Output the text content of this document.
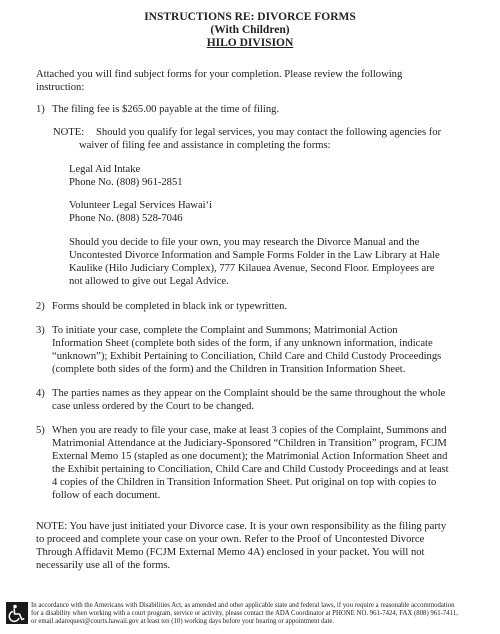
INSTRUCTIONS RE: DIVORCE FORMS
(With Children)
HILO DIVISION
Attached you will find subject forms for your completion. Please review the following
instruction:
1) The filing fee is $265.00 payable at the time of filing.
NOTE: Should you qualify for legal services, you may contact the following agencies for
waiver of filing fee and assistance in completing the forms:
Legal Aid Intake
Phone No. (808) 961-2851
Volunteer Legal Services Hawai‘i
Phone No. (808) 528-7046
Should you decide to file your own, you may research the Divorce Manual and the
Uncontested Divorce Information and Sample Forms Folder in the Law Library at Hale
Kaulike (Hilo Judiciary Complex), 777 Kilauea Avenue, Second Floor. Employees are
not allowed to give out Legal Advice.
2) Forms should be completed in black ink or typewritten.
3) To initiate your case, complete the Complaint and Summons; Matrimonial Action
Information Sheet (complete both sides of the form, if any unknown information, indicate
“unknown”); Exhibit Pertaining to Conciliation, Child Care and Child Custody Proceedings
(complete both sides of the form) and the Children in Transition Information Sheet.
4) The parties names as they appear on the Complaint should be the same throughout the whole
case unless ordered by the Court to be changed.
5) When you are ready to file your case, make at least 3 copies of the Complaint, Summons and
Matrimonial Attendance at the Judiciary-Sponsored “Children in Transition” program, FCJM
External Memo 15 (stapled as one document); the Matrimonial Action Information Sheet and
the Exhibit pertaining to Conciliation, Child Care and Child Custody Proceedings and at least
4 copies of the Children in Transition Information Sheet. Put original on top with copies to
follow of each document.
NOTE: You have just initiated your Divorce case. It is your own responsibility as the filing party
to proceed and complete your case on your own. Refer to the Proof of Uncontested Divorce
Through Affidavit Memo (FCJM External Memo 4A) enclosed in your packet. You will not
necessarily use all of the forms.
In accordance with the Americans with Disabilities Act, as amended and other applicable state and federal laws, if you require a reasonable accommodation
for a disability when working with a court program, service or activity, please contact the ADA Coordinator at PHONE NO. 961-7424, FAX (808) 961-7411,
or email adarequest@courts.hawaii.gov at least ten (10) working days before your hearing or appointment date.
